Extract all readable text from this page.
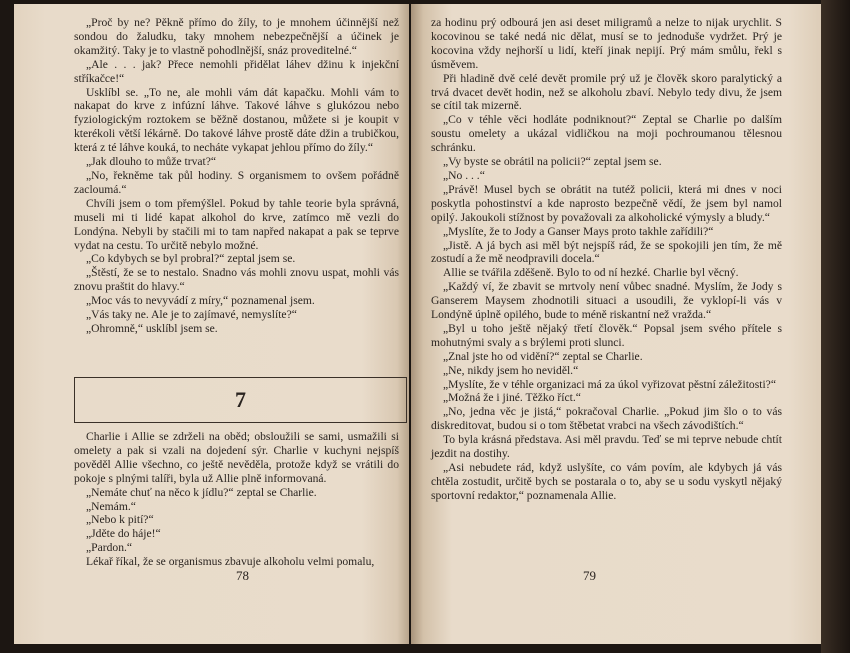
„Proč by ne? Pěkně přímo do žíly, to je mnohem účinnější než sondou do žaludku, taky mnohem nebezpečnější a účinek je okamžitý. Taky je to vlastně pohodlnější, snáz proveditelné.“

„Ale . . . jak? Přece nemohli přidělat láhev džinu k injekční stříkačce!“

Usklíbl se. „To ne, ale mohli vám dát kapačku. Mohli vám to nakapat do krve z infúzní láhve. Takové láhve s glukózou nebo fyziologickým roztokem se běžně dostanou, můžete si je koupit v kterékoli větší lékárně. Do takové láhve prostě dáte džin a trubičkou, která z té láhve kouká, to necháte vykapat jehlou přímo do žíly.“

„Jak dlouho to může trvat?“

„No, řekněme tak půl hodiny. S organismem to ovšem pořádně zacloumá.“

Chvíli jsem o tom přemýšlel. Pokud by tahle teorie byla správná, museli mi ti lidé kapat alkohol do krve, zatímco mě vezli do Londýna. Nebyli by stačili mi to tam napřed nakapat a pak se teprve vydat na cestu. To určitě nebylo možné.

„Co kdybych se byl probral?“ zeptal jsem se.

„Štěstí, že se to nestalo. Snadno vás mohli znovu uspat, mohli vás znovu praštit do hlavy.“

„Moc vás to nevyvádí z míry,“ poznamenal jsem.

„Vás taky ne. Ale je to zajímavé, nemyslíte?“

„Ohromně,“ usklíbl jsem se.

7

Charlie i Allie se zdrželi na oběd; obsloužili se sami, usmažili si omelety a pak si vzali na dojedení sýr. Charlie v kuchyni nejspíš pověděl Allie všechno, co ještě nevěděla, protože když se vrátili do pokoje s plnými talíři, byla už Allie plně informovaná.

„Nemáte chuť na něco k jídlu?“ zeptal se Charlie.

„Nemám.“

„Nebo k pití?“

„Jděte do háje!“

„Pardon.“

Lékař říkal, že se organismus zbavuje alkoholu velmi pomalu,

78

za hodinu prý odbourá jen asi deset miligramů a nelze to nijak urychlit. S kocovinou se také nedá nic dělat, musí se to jednoduše vydržet. Prý je kocovina vždy nejhorší u lidí, kteří jinak nepijí. Prý mám smůlu, řekl s úsměvem.

Při hladině dvě celé devět promile prý už je člověk skoro paralytický a trvá dvacet devět hodin, než se alkoholu zbaví. Nebylo tedy divu, že jsem se cítil tak mizerně.

„Co v téhle věci hodláte podniknout?“ Zeptal se Charlie po dalším soustu omelety a ukázal vidličkou na moji pochroumanou tělesnou schránku.

„Vy byste se obrátil na policii?“ zeptal jsem se.

„No . . .“

„Právě! Musel bych se obrátit na tutéž policii, která mi dnes v noci poskytla pohostinství a kde naprosto bezpečně vědí, že jsem byl namol opilý. Jakoukoli stížnost by považovali za alkoholické výmysly a bludy.“

„Myslíte, že to Jody a Ganser Mays proto takhle zařídili?“

„Jistě. A já bych asi měl být nejspíš rád, že se spokojili jen tím, že mě zostudí a že mě neodpravili docela.“

Allie se tvářila zděšeně. Bylo to od ní hezké. Charlie byl věcný.

„Každý ví, že zbavit se mrtvoly není vůbec snadné. Myslím, že Jody s Ganserem Maysem zhodnotili situaci a usoudili, že vyklopí-li vás v Londýně úplně opilého, bude to méně riskantní než vražda.“

„Byl u toho ještě nějaký třetí člověk.“ Popsal jsem svého přítele s mohutnými svaly a s brýlemi proti slunci.

„Znal jste ho od vidění?“ zeptal se Charlie.

„Ne, nikdy jsem ho neviděl.“

„Myslíte, že v téhle organizaci má za úkol vyřizovat pěstní záležitosti?“

„Možná že i jiné. Těžko říct.“

„No, jedna věc je jistá,“ pokračoval Charlie. „Pokud jim šlo o to vás diskreditovat, budou si o tom štěbetat vrabci na všech závodištích.“

To byla krásná představa. Asi měl pravdu. Teď se mi teprve nebude chtít jezdit na dostihy.

„Asi nebudete rád, když uslyšíte, co vám povím, ale kdybych já vás chtěla zostudit, určitě bych se postarala o to, aby se u sodu vyskytl nějaký sportovní redaktor,“ poznamenala Allie.

79
